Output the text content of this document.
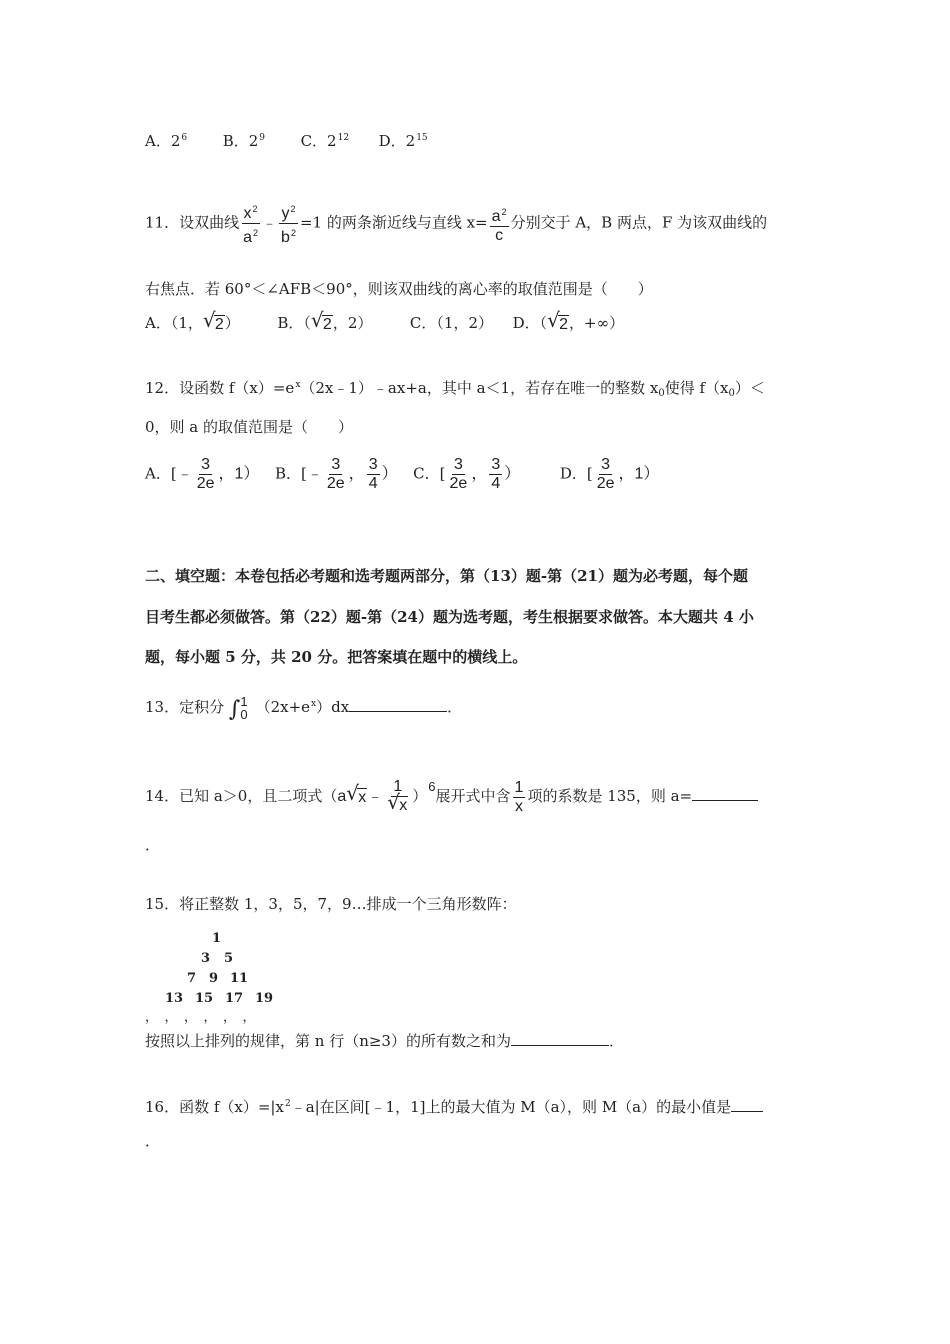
A．$2^6$ B．$2^9$ C．$2^{12}$ D．$2^{15}$
11．设双曲线 $\frac{x^2}{a^2}$ ﹣ $\frac{y^2}{b^2} =1$ 的两条渐近线与直线 $x= \frac{a^2}{c}$ 分别交于 A，B 两点，F 为该双曲线的
右焦点．若 60°＜∠AFB＜90°，则该双曲线的离心率的取值范围是（　　）
A．（1， √ 2）	B．（ √ 2，2）	C．（1，2） D．（ √ 2，+∞）
12．设函数 $f(x)=e^x(2x﹣1)﹣ax+a$，其中 a＜1，若存在唯一的整数 $x_0$使得 $f(x_0)<$
0，则 a 的取值范围是（　　）
A．[﹣ $\frac{3}{2e}$ ，1） B．[﹣ $\frac{3}{2e}$ ， $\frac{3}{4}$ ） C．[ $\frac{3}{2e}$ ， $\frac{3}{4}$ ）	D．[ $\frac{3}{2e}$ ，1）
二、填空题：本卷包括必考题和选考题两部分，第（13）题-第（21）题为必考题，每个题
目考生都必须做答。第（22）题-第（24）题为选考题，考生根据要求做答。本大题共 4 小
题，每小题 5 分，共 20 分。把答案填在题中的横线上。
13．定积分 ∫ 1
0 $(2x+e^x)dx$	．
14．已知 a＞0，且二项式（a √ x﹣ $\frac{1}{√ x} )6$展开式中含 $\frac{1}{x}$ 项的系数是 135，则 a=
．
15．将正整数 1，3，5，7，9…排成一个三角形数阵：
1
3 5
7 9 11
13 15 17 19
，，，，，，
按照以上排列的规律，第 n 行（n≥3）的所有数之和为	．
16．函数 $f(x)=|x^2﹣a|$在区间[﹣1，1]上的最大值为 M（a），则 M（a）的最小值是
．
